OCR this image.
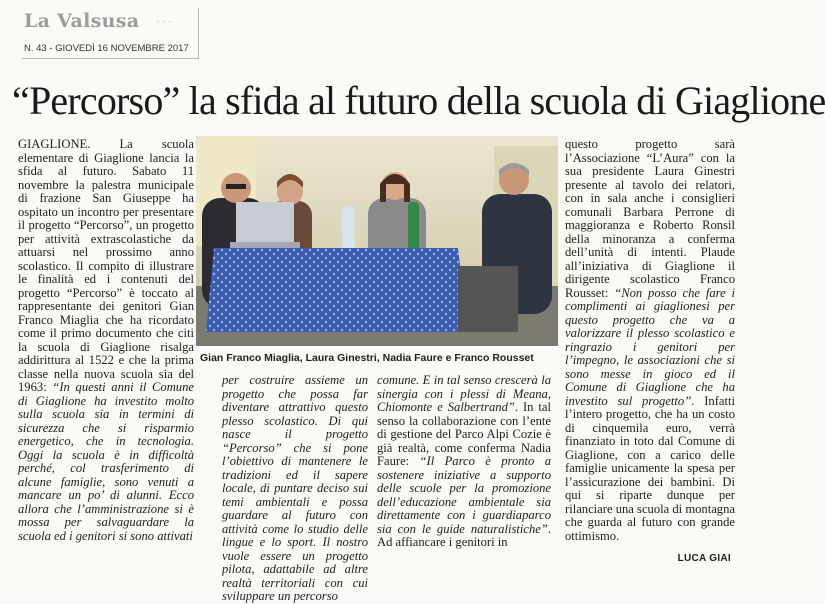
La Valsusa · · ·
N. 43 - GIOVEDÌ 16 NOVEMBRE 2017
“Percorso” la sfida al futuro della scuola di Giaglione

GIAGLIONE. La scuola elementare di Giaglione lancia la sfida al futuro. Sabato 11 novembre la palestra municipale di frazione San Giuseppe ha ospitato un incontro per presentare il progetto “Percorso”, un progetto per attività extrascolastiche da attuarsi nel prossimo anno scolastico. Il compito di illustrare le finalità ed i contenuti del progetto “Percorso” è toccato al rappresentante dei genitori Gian Franco Miaglia che ha ricordato come il primo documento che citi la scuola di Giaglione risalga addirittura al 1522 e che la prima classe nella nuova scuola sia del 1963: “In questi anni il Comune di Giaglione ha investito molto sulla scuola sia in termini di sicurezza che si risparmio energetico, che in tecnologia. Oggi la scuola è in difficoltà perché, col trasferimento di alcune famiglie, sono venuti a mancare un po’ di alunni. Ecco allora che l’amministrazione si è mossa per salvaguardare la scuola ed i genitori si sono attivati

Gian Franco Miaglia, Laura Ginestri, Nadia Faure e Franco Rousset

per costruire assieme un progetto che possa far diventare attrattivo questo plesso scolastico. Di qui nasce il progetto “Percorso” che si pone l’obiettivo di mantenere le tradizioni ed il sapere locale, di puntare deciso sui temi ambientali e possa guardare al futuro con attività come lo studio delle lingue e lo sport. Il nostro vuole essere un progetto pilota, adattabile ad altre realtà territoriali con cui sviluppare un percorso

comune. E in tal senso crescerà la sinergia con i plessi di Meana, Chiomonte e Salbertrand”. In tal senso la collaborazione con l’ente di gestione del Parco Alpi Cozie è già realtà, come conferma Nadia Faure: “Il Parco è pronto a sostenere iniziative a supporto delle scuole per la promozione dell’educazione ambientale sia direttamente con i guardiaparco sia con le guide naturalistiche”. Ad affiancare i genitori in

questo progetto sarà l’Associazione “L’Aura” con la sua presidente Laura Ginestri presente al tavolo dei relatori, con in sala anche i consiglieri comunali Barbara Perrone di maggioranza e Roberto Ronsil della minoranza a conferma dell’unità di intenti. Plaude all’iniziativa di Giaglione il dirigente scolastico Franco Rousset: “Non posso che fare i complimenti ai giaglionesi per questo progetto che va a valorizzare il plesso scolastico e ringrazio i genitori per l’impegno, le associazioni che si sono messe in gioco ed il Comune di Giaglione che ha investito sul progetto”. Infatti l’intero progetto, che ha un costo di cinquemila euro, verrà finanziato in toto dal Comune di Giaglione, con a carico delle famiglie unicamente la spesa per l’assicurazione dei bambini. Di qui si riparte dunque per rilanciare una scuola di montagna che guarda al futuro con grande ottimismo.

LUCA GIAI
